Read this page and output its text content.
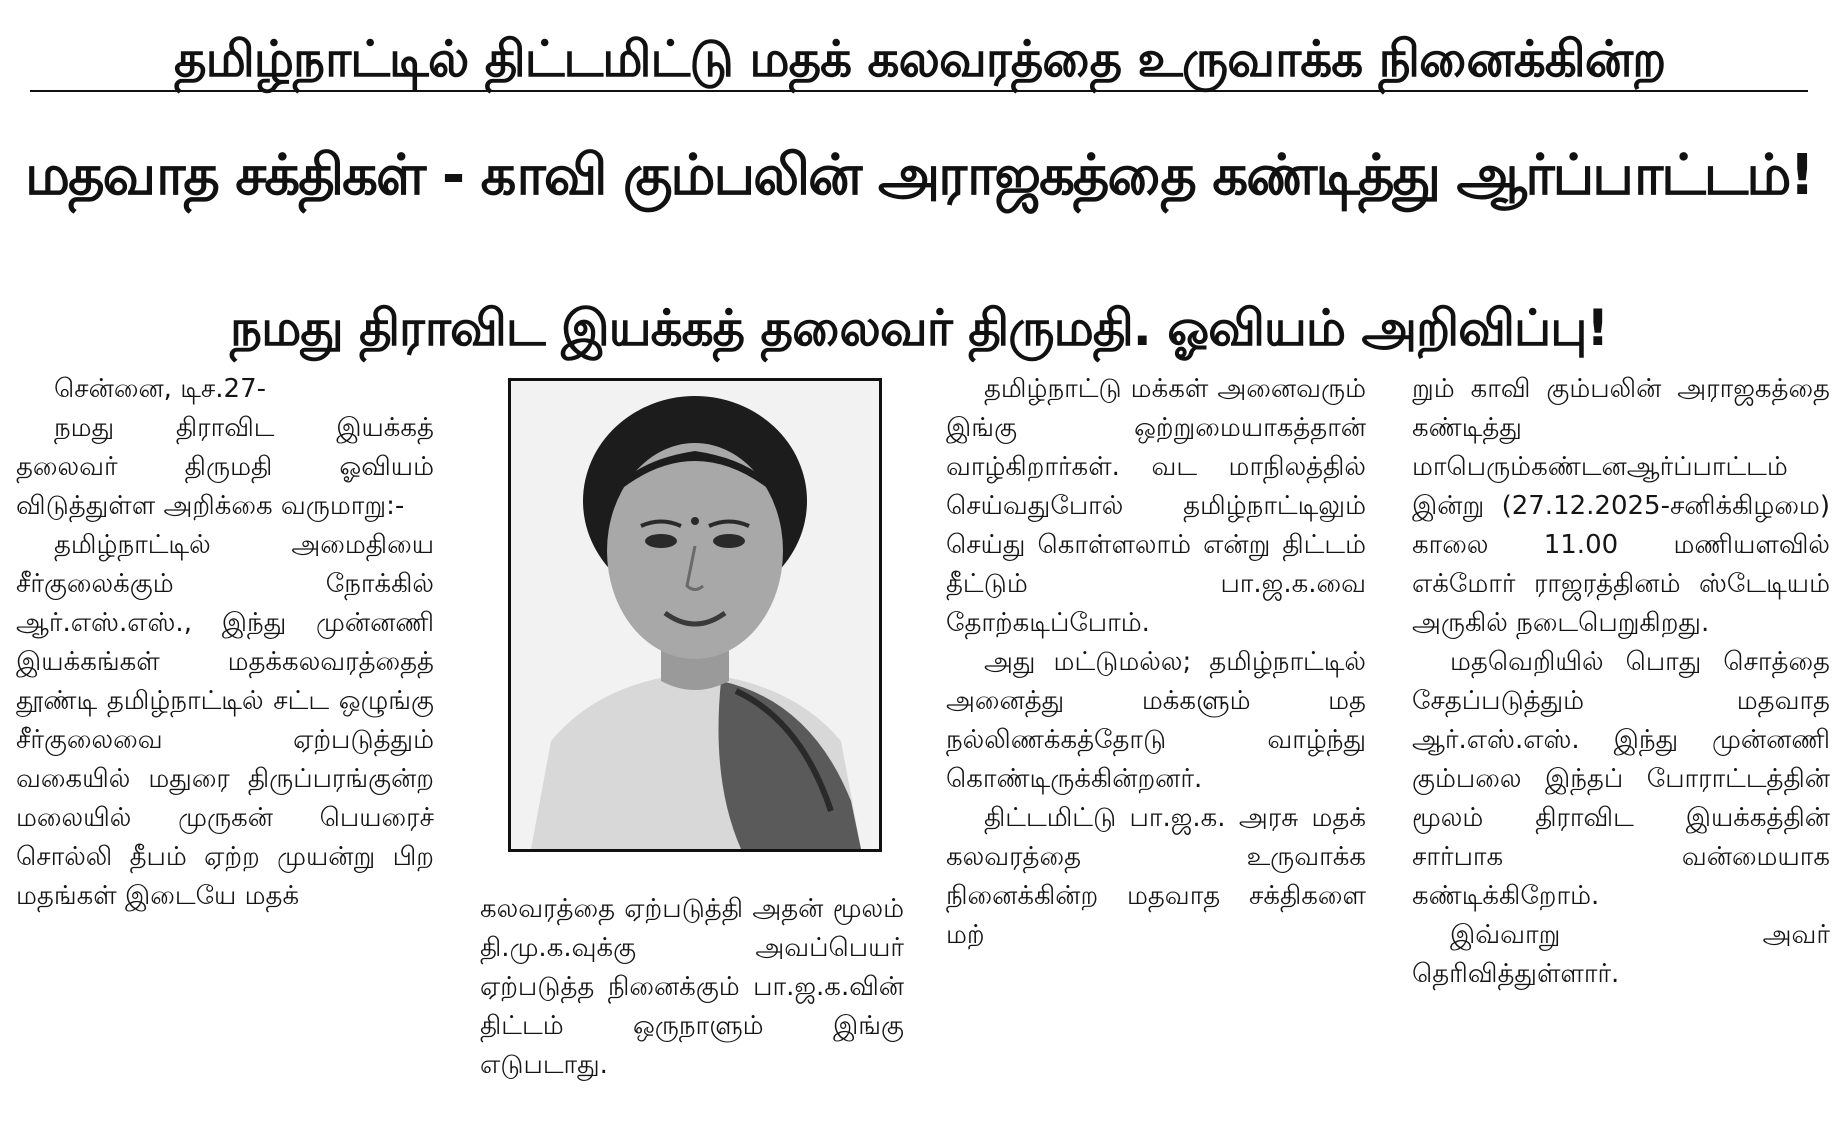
தமிழ்நாட்டில் திட்டமிட்டு மதக் கலவரத்தை உருவாக்க நினைக்கின்ற
மதவாத சக்திகள் - காவி கும்பலின் அராஜகத்தை கண்டித்து ஆர்ப்பாட்டம்!
நமது திராவிட இயக்கத் தலைவர் திருமதி. ஓவியம் அறிவிப்பு!

சென்னை, டிச.27-

நமது திராவிட இயக்கத் தலைவர் திருமதி ஓவியம் விடுத்துள்ள அறிக்கை வருமாறு:-

தமிழ்நாட்டில் அமைதியை சீர்குலைக்கும் நோக்கில் ஆர்.எஸ்.எஸ்., இந்து முன்னணி இயக்கங்கள் மதக்கலவரத்தைத் தூண்டி தமிழ்நாட்டில் சட்ட ஒழுங்கு சீர்குலைவை ஏற்படுத்தும் வகையில் மதுரை திருப்பரங்குன்ற மலையில் முருகன் பெயரைச் சொல்லி தீபம் ஏற்ற முயன்று பிற மதங்கள் இடையே மதக்	கலவரத்தை ஏற்படுத்தி அதன் மூலம் தி.மு.க.வுக்கு அவப்பெயர் ஏற்படுத்த நினைக்கும் பா.ஜ.க.வின் திட்டம் ஒருநாளும் இங்கு எடுபடாது.

தமிழ்நாட்டு மக்கள் அனைவரும் இங்கு ஒற்றுமையாகத்தான் வாழ்கிறார்கள். வட மாநிலத்தில் செய்வதுபோல் தமிழ்நாட்டிலும் செய்து கொள்ளலாம் என்று திட்டம் தீட்டும் பா.ஜ.க.வை தோற்கடிப்போம்.

அது மட்டுமல்ல; தமிழ்நாட்டில் அனைத்து மக்களும் மத நல்லிணக்கத்தோடு வாழ்ந்து கொண்டிருக்கின்றனர்.

திட்டமிட்டு பா.ஜ.க. அரசு மதக் கலவரத்தை உருவாக்க நினைக்கின்ற மதவாத சக்திகளை மற்

றும் காவி கும்பலின் அராஜகத்தை கண்டித்து மாபெரும்கண்டனஆர்ப்பாட்டம் இன்று (27.12.2025-சனிக்கிழமை) காலை 11.00 மணியளவில் எக்மோர் ராஜரத்தினம் ஸ்டேடியம் அருகில் நடைபெறுகிறது.

மதவெறியில் பொது சொத்தை சேதப்படுத்தும் மதவாத ஆர்.எஸ்.எஸ். இந்து முன்னணி கும்பலை இந்தப் போராட்டத்தின் மூலம் திராவிட இயக்கத்தின் சார்பாக வன்மையாக கண்டிக்கிறோம்.

இவ்வாறு அவர் தெரிவித்துள்ளார்.
